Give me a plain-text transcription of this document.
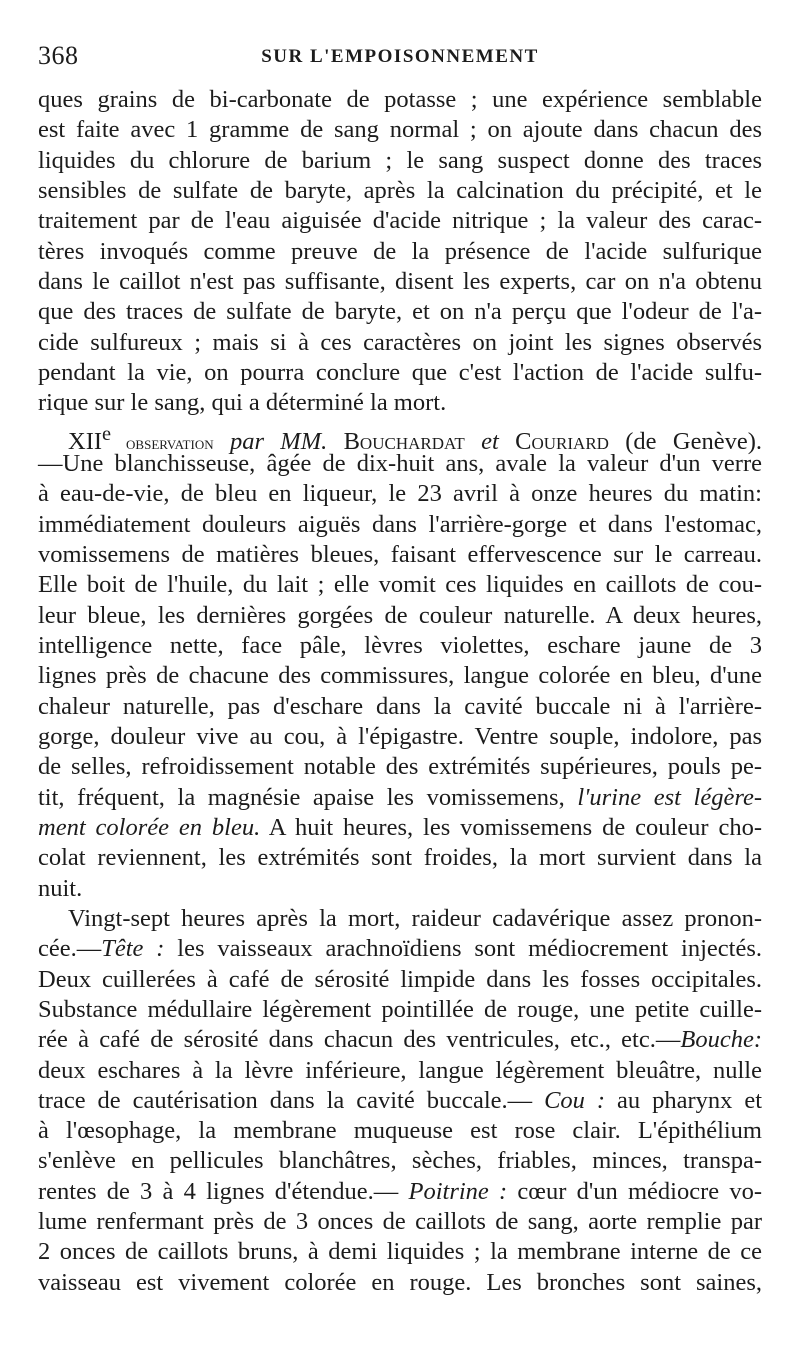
368	SUR L'EMPOISONNEMENT
ques grains de bi-carbonate de potasse ; une expérience semblable
est faite avec 1 gramme de sang normal ; on ajoute dans chacun des
liquides du chlorure de barium ; le sang suspect donne des traces
sensibles de sulfate de baryte, après la calcination du précipité, et le
traitement par de l'eau aiguisée d'acide nitrique ; la valeur des carac-
tères invoqués comme preuve de la présence de l'acide sulfurique
dans le caillot n'est pas suffisante, disent les experts, car on n'a obtenu
que des traces de sulfate de baryte, et on n'a perçu que l'odeur de l'a-
cide sulfureux ; mais si à ces caractères on joint les signes observés
pendant la vie, on pourra conclure que c'est l'action de l'acide sulfu-
rique sur le sang, qui a déterminé la mort.
XIIe observation par MM. Bouchardat et Couriard (de Genève).
—Une blanchisseuse, âgée de dix-huit ans, avale la valeur d'un verre
à eau-de-vie, de bleu en liqueur, le 23 avril à onze heures du matin:
immédiatement douleurs aiguës dans l'arrière-gorge et dans l'estomac,
vomissemens de matières bleues, faisant effervescence sur le carreau.
Elle boit de l'huile, du lait ; elle vomit ces liquides en caillots de cou-
leur bleue, les dernières gorgées de couleur naturelle. A deux heures,
intelligence nette, face pâle, lèvres violettes, eschare jaune de 3
lignes près de chacune des commissures, langue colorée en bleu, d'une
chaleur naturelle, pas d'eschare dans la cavité buccale ni à l'arrière-
gorge, douleur vive au cou, à l'épigastre. Ventre souple, indolore, pas
de selles, refroidissement notable des extrémités supérieures, pouls pe-
tit, fréquent, la magnésie apaise les vomissemens, l'urine est légère-
ment colorée en bleu. A huit heures, les vomissemens de couleur cho-
colat reviennent, les extrémités sont froides, la mort survient dans la
nuit.
Vingt-sept heures après la mort, raideur cadavérique assez pronon-
cée.—Tête : les vaisseaux arachnoïdiens sont médiocrement injectés.
Deux cuillerées à café de sérosité limpide dans les fosses occipitales.
Substance médullaire légèrement pointillée de rouge, une petite cuille-
rée à café de sérosité dans chacun des ventricules, etc., etc.—Bouche:
deux eschares à la lèvre inférieure, langue légèrement bleuâtre, nulle
trace de cautérisation dans la cavité buccale.— Cou : au pharynx et
à l'œsophage, la membrane muqueuse est rose clair. L'épithélium
s'enlève en pellicules blanchâtres, sèches, friables, minces, transpa-
rentes de 3 à 4 lignes d'étendue.— Poitrine : cœur d'un médiocre vo-
lume renfermant près de 3 onces de caillots de sang, aorte remplie par
2 onces de caillots bruns, à demi liquides ; la membrane interne de ce
vaisseau est vivement colorée en rouge. Les bronches sont saines,
